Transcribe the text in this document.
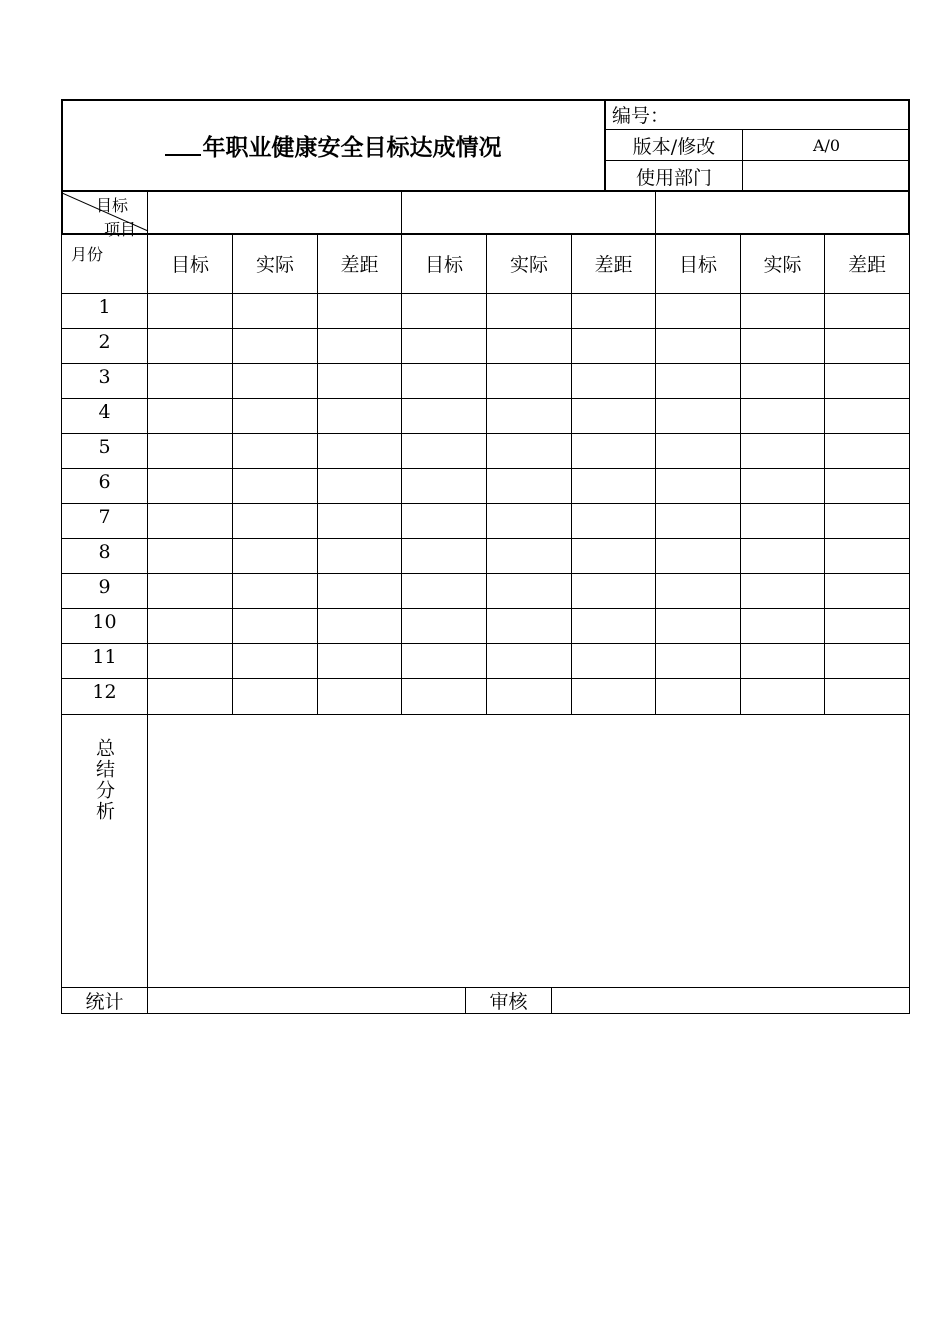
年职业健康安全目标达成情况
编号：
版本/修改	A/0
使用部门
目标
项目
月份	目标	实际	差距	目标	实际	差距	目标	实际	差距
1
2
3
4
5
6
7
8
9
10
11
12
总结分析
统计	审核
